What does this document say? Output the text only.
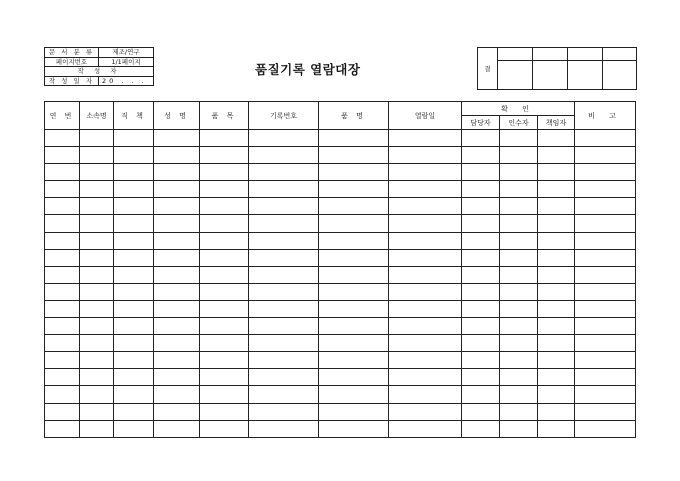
문 서 분 류	제조/연구
페이지번호	1/1페이지
작 성 자	
작 성 일 자	20 . . .
품질기록 열람대장	결				

연 번	소속명	직 책	성 명	품 목	기록번호	품 명	열람일	확 인			비 고
								담당자	인수자	책임자	
